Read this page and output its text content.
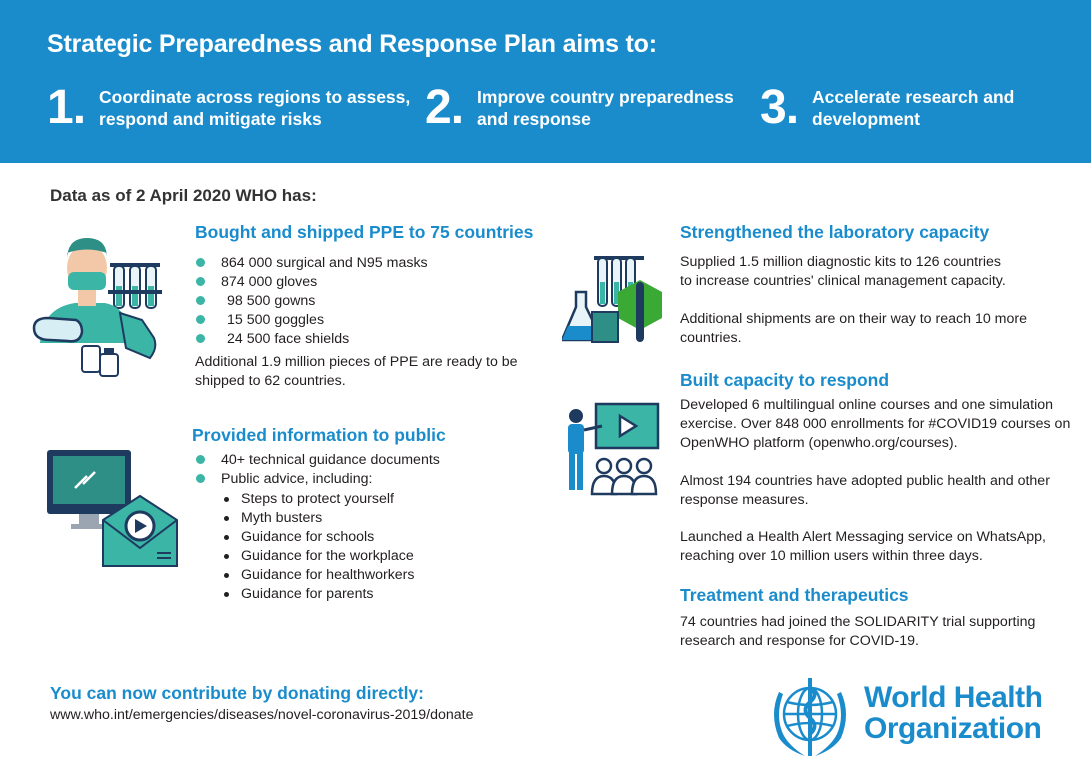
Strategic Preparedness and Response Plan aims to:
1. Coordinate across regions to assess,
respond and mitigate risks	2. Improve country preparedness
and response	3. Accelerate research and
development
Data as of 2 April 2020 WHO has:
Bought and shipped PPE to 75 countries
864 000 surgical and N95 masks
874 000 gloves
98 500 gowns
15 500 goggles
24 500 face shields
Additional 1.9 million pieces of PPE are ready to be
shipped to 62 countries.
Provided information to public
40+ technical guidance documents
Public advice, including:
Steps to protect yourself
Myth busters
Guidance for schools
Guidance for the workplace
Guidance for healthworkers
Guidance for parents
Strengthened the laboratory capacity
Supplied 1.5 million diagnostic kits to 126 countries
to increase countries' clinical management capacity.
Additional shipments are on their way to reach 10 more
countries.
Built capacity to respond
Developed 6 multilingual online courses and one simulation
exercise. Over 848 000 enrollments for #COVID19 courses on
OpenWHO platform (openwho.org/courses).
Almost 194 countries have adopted public health and other
response measures.
Launched a Health Alert Messaging service on WhatsApp,
reaching over 10 million users within three days.
Treatment and therapeutics
74 countries had joined the SOLIDARITY trial supporting
research and response for COVID-19.
You can now contribute by donating directly:
www.who.int/emergencies/diseases/novel-coronavirus-2019/donate
World Health
Organization
